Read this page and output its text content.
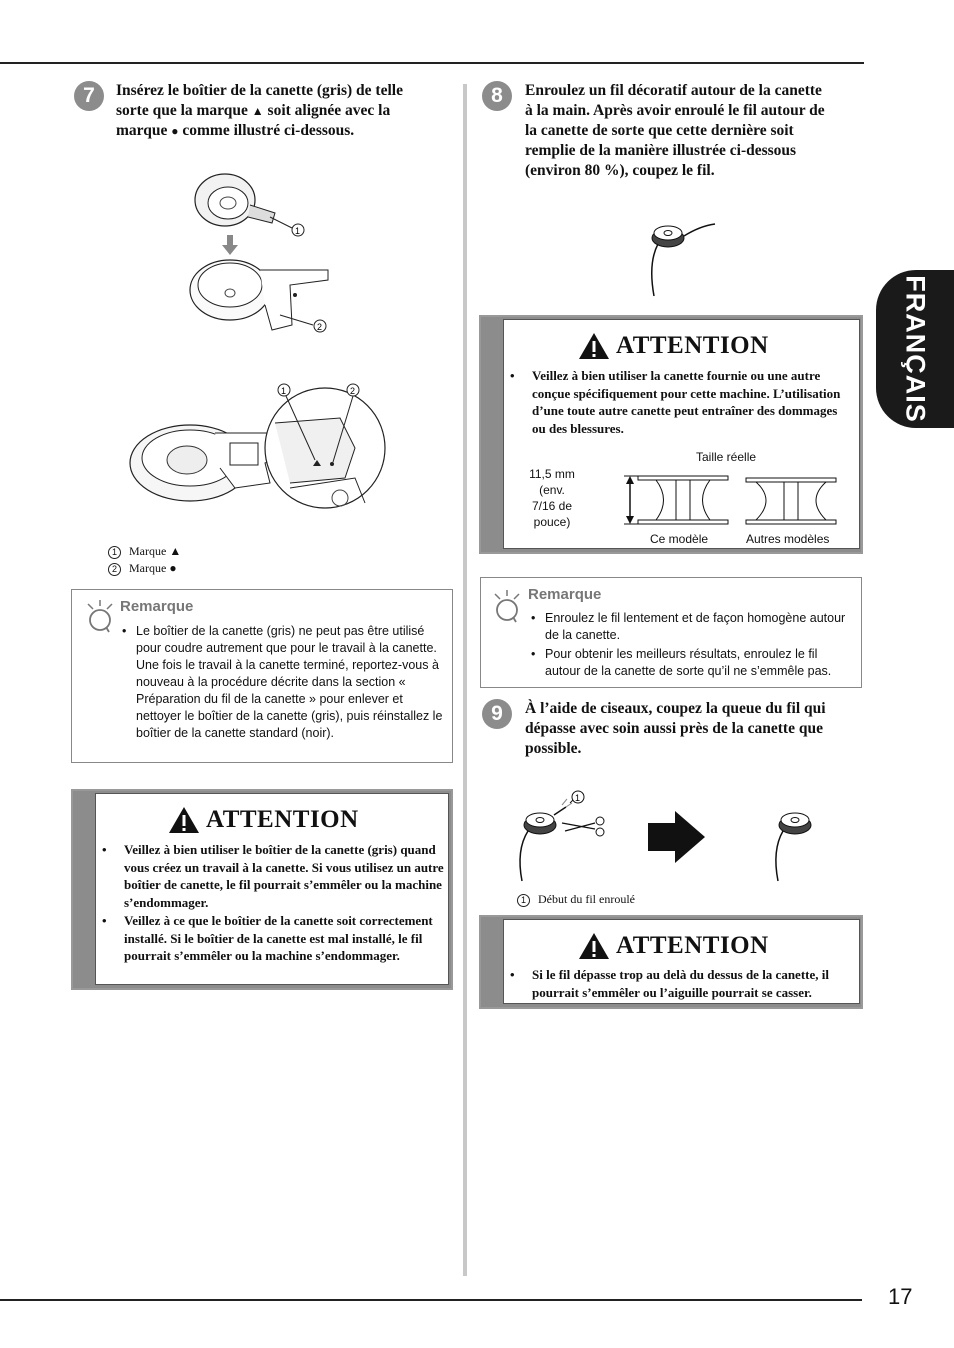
FRANÇAIS
17
7	Insérez le boîtier de la canette (gris) de telle
sorte que la marque ▲ soit alignée avec la
marque ● comme illustré ci-dessous.
1
2
1	2
1 Marque ▲
2 Marque ●
Remarque
• Le boîtier de la canette (gris) ne peut pas être utilisé pour coudre autrement que pour le travail à la canette. Une fois le travail à la canette terminé, reportez-vous à nouveau à la procédure décrite dans la section « Préparation du fil de la canette » pour enlever et nettoyer le boîtier de la canette (gris), puis réinstallez le boîtier de la canette standard (noir).
ATTENTION
• Veillez à bien utiliser le boîtier de la canette (gris) quand vous créez un travail à la canette. Si vous utilisez un autre boîtier de canette, le fil pourrait s’emmêler ou la machine s’endommager.
• Veillez à ce que le boîtier de la canette soit correctement installé. Si le boîtier de la canette est mal installé, le fil pourrait s’emmêler ou la machine s’endommager.
8	Enroulez un fil décoratif autour de la canette
à la main. Après avoir enroulé le fil autour de
la canette de sorte que cette dernière soit
remplie de la manière illustrée ci-dessous
(environ 80 %), coupez le fil.
ATTENTION
• Veillez à bien utiliser la canette fournie ou une autre conçue spécifiquement pour cette machine. L’utilisation d’une toute autre canette peut entraîner des dommages ou des blessures.
Taille réelle
11,5 mm
(env.
7/16 de
pouce)
Ce modèle	Autres modèles
Remarque
• Enroulez le fil lentement et de façon homogène autour de la canette.
• Pour obtenir les meilleurs résultats, enroulez le fil autour de la canette de sorte qu’il ne s’emmêle pas.
9	À l’aide de ciseaux, coupez la queue du fil qui
dépasse avec soin aussi près de la canette que
possible.
1
1 Début du fil enroulé
ATTENTION
• Si le fil dépasse trop au delà du dessus de la canette, il pourrait s’emmêler ou l’aiguille pourrait se casser.
